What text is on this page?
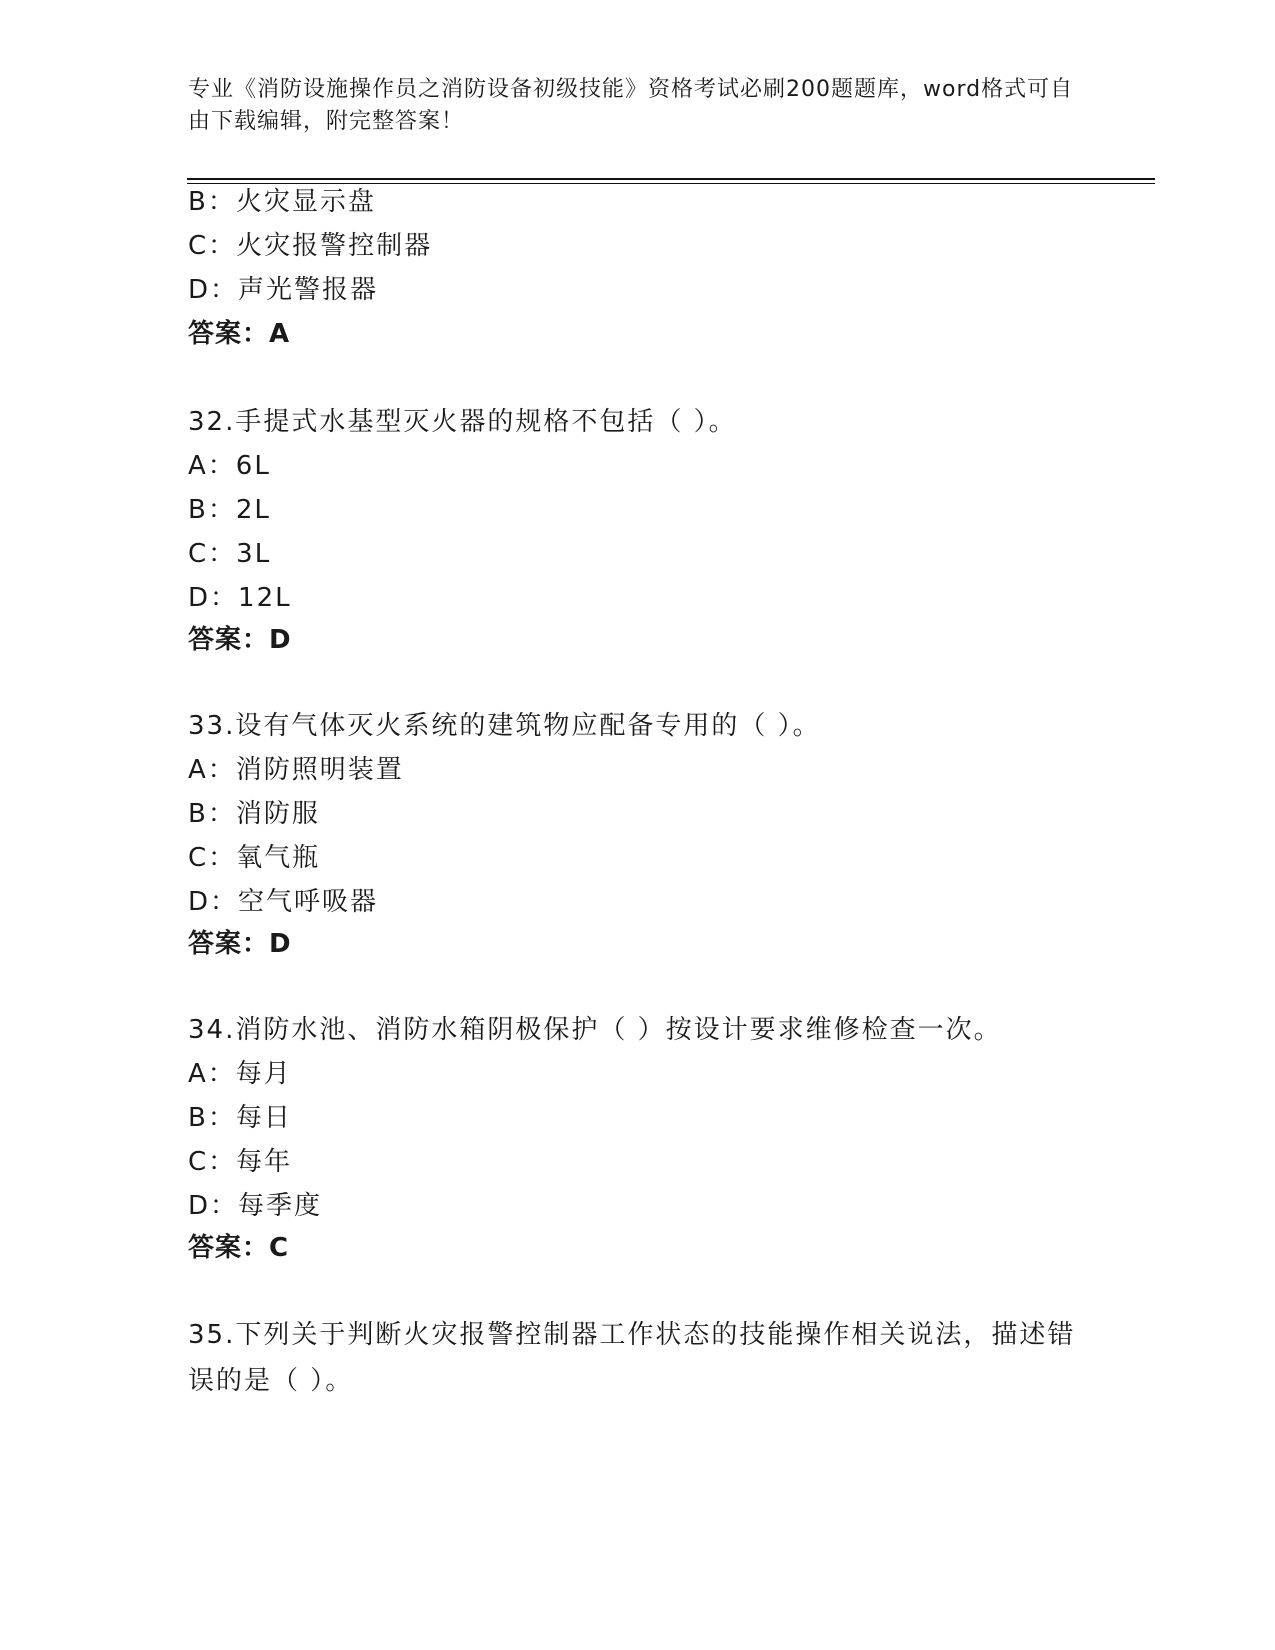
专业《消防设施操作员之消防设备初级技能》资格考试必刷200题题库，word格式可自由下载编辑，附完整答案！
B：火灾显示盘
C：火灾报警控制器
D：声光警报器
答案：A
32.手提式水基型灭火器的规格不包括（ ）。
A：6L
B：2L
C：3L
D：12L
答案：D
33.设有气体灭火系统的建筑物应配备专用的（ ）。
A：消防照明装置
B：消防服
C：氧气瓶
D：空气呼吸器
答案：D
34.消防水池、消防水箱阴极保护（ ）按设计要求维修检查一次。
A：每月
B：每日
C：每年
D：每季度
答案：C
35.下列关于判断火灾报警控制器工作状态的技能操作相关说法，描述错误的是（ ）。
